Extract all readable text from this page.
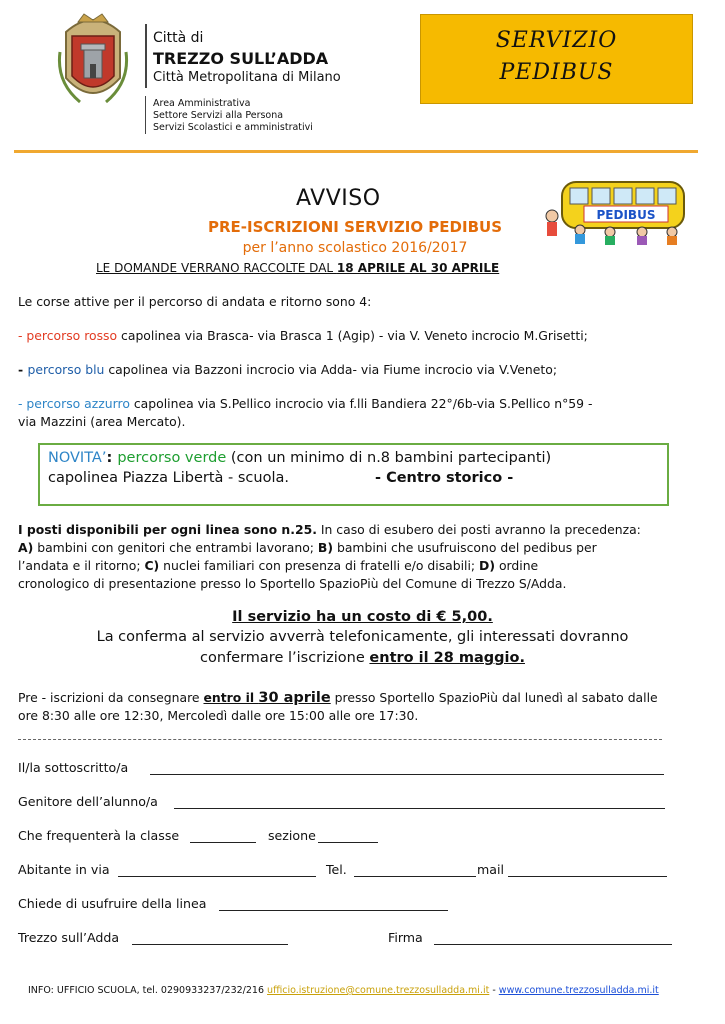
Città di
TREZZO SULL’ADDA
Città Metropolitana di Milano
Area Amministrativa
Settore Servizi alla Persona
Servizi Scolastici e amministrativi
SERVIZIO
PEDIBUS
AVVISO
PRE-ISCRIZIONI SERVIZIO PEDIBUS
per l’anno scolastico 2016/2017
LE DOMANDE VERRANO RACCOLTE DAL 18 APRILE AL 30 APRILE
PEDIBUS
Le corse attive per il percorso di andata e ritorno sono 4:
- percorso rosso capolinea via Brasca- via Brasca 1 (Agip) - via V. Veneto incrocio M.Grisetti;
- percorso blu capolinea via Bazzoni incrocio via Adda- via Fiume incrocio via V.Veneto;
- percorso azzurro capolinea via S.Pellico incrocio via f.lli Bandiera 22°/6b-via S.Pellico n°59 -
via Mazzini (area Mercato).
NOVITA’: percorso verde (con un minimo di n.8 bambini partecipanti)
capolinea Piazza Libertà - scuola.	- Centro storico -
I posti disponibili per ogni linea sono n.25. In caso di esubero dei posti avranno la precedenza:
A) bambini con genitori che entrambi lavorano; B) bambini che usufruiscono del pedibus per
l’andata e il ritorno; C) nuclei familiari con presenza di fratelli e/o disabili; D) ordine
cronologico di presentazione presso lo Sportello SpazioPiù del Comune di Trezzo S/Adda.
Il servizio ha un costo di € 5,00.
La conferma al servizio avverrà telefonicamente, gli interessati dovranno
confermare l’iscrizione entro il 28 maggio.
Pre - iscrizioni da consegnare entro il 30 aprile presso Sportello SpazioPiù dal lunedì al sabato dalle
ore 8:30 alle ore 12:30, Mercoledì dalle ore 15:00 alle ore 17:30.
Il/la sottoscritto/a
Genitore dell’alunno/a
Che frequenterà la classe	sezione
Abitante in via	Tel.	mail
Chiede di usufruire della linea
Trezzo sull’Adda	Firma
INFO: UFFICIO SCUOLA, tel. 0290933237/232/216 ufficio.istruzione@comune.trezzosulladda.mi.it - www.comune.trezzosulladda.mi.it
